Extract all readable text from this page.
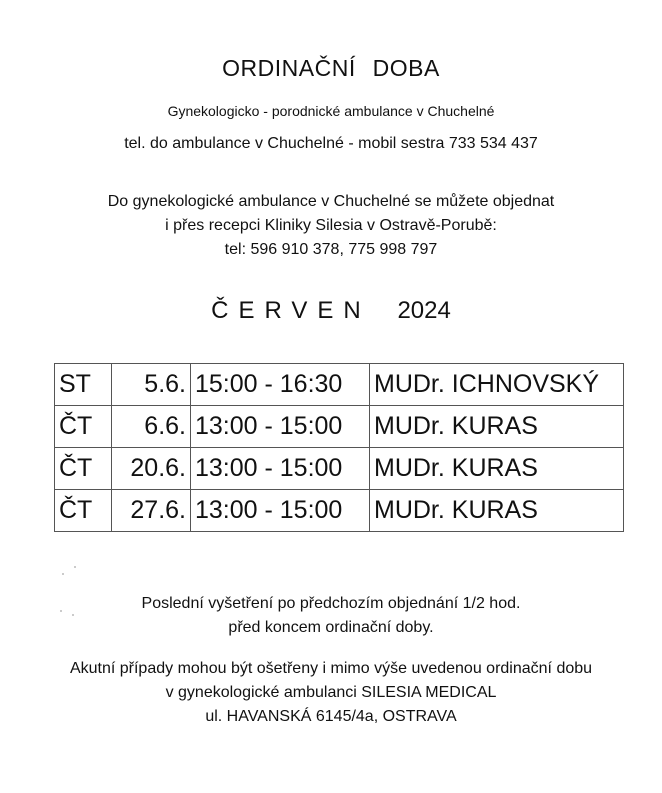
ORDINAČNÍ DOBA
Gynekologicko - porodnické ambulance v Chuchelné
tel. do ambulance v Chuchelné - mobil sestra 733 534 437
Do gynekologické ambulance v Chuchelné se můžete objednat
i přes recepci Kliniky Silesia v Ostravě-Porubě:
tel: 596 910 378, 775 998 797
ČERVEN 2024
ST	5.6.	15:00 - 16:30	MUDr. ICHNOVSKÝ
ČT	6.6.	13:00 - 15:00	MUDr. KURAS
ČT	20.6.	13:00 - 15:00	MUDr. KURAS
ČT	27.6.	13:00 - 15:00	MUDr. KURAS
Poslední vyšetření po předchozím objednání 1/2 hod.
před koncem ordinační doby.
Akutní případy mohou být ošetřeny i mimo výše uvedenou ordinační dobu
v gynekologické ambulanci SILESIA MEDICAL
ul. HAVANSKÁ 6145/4a, OSTRAVA
